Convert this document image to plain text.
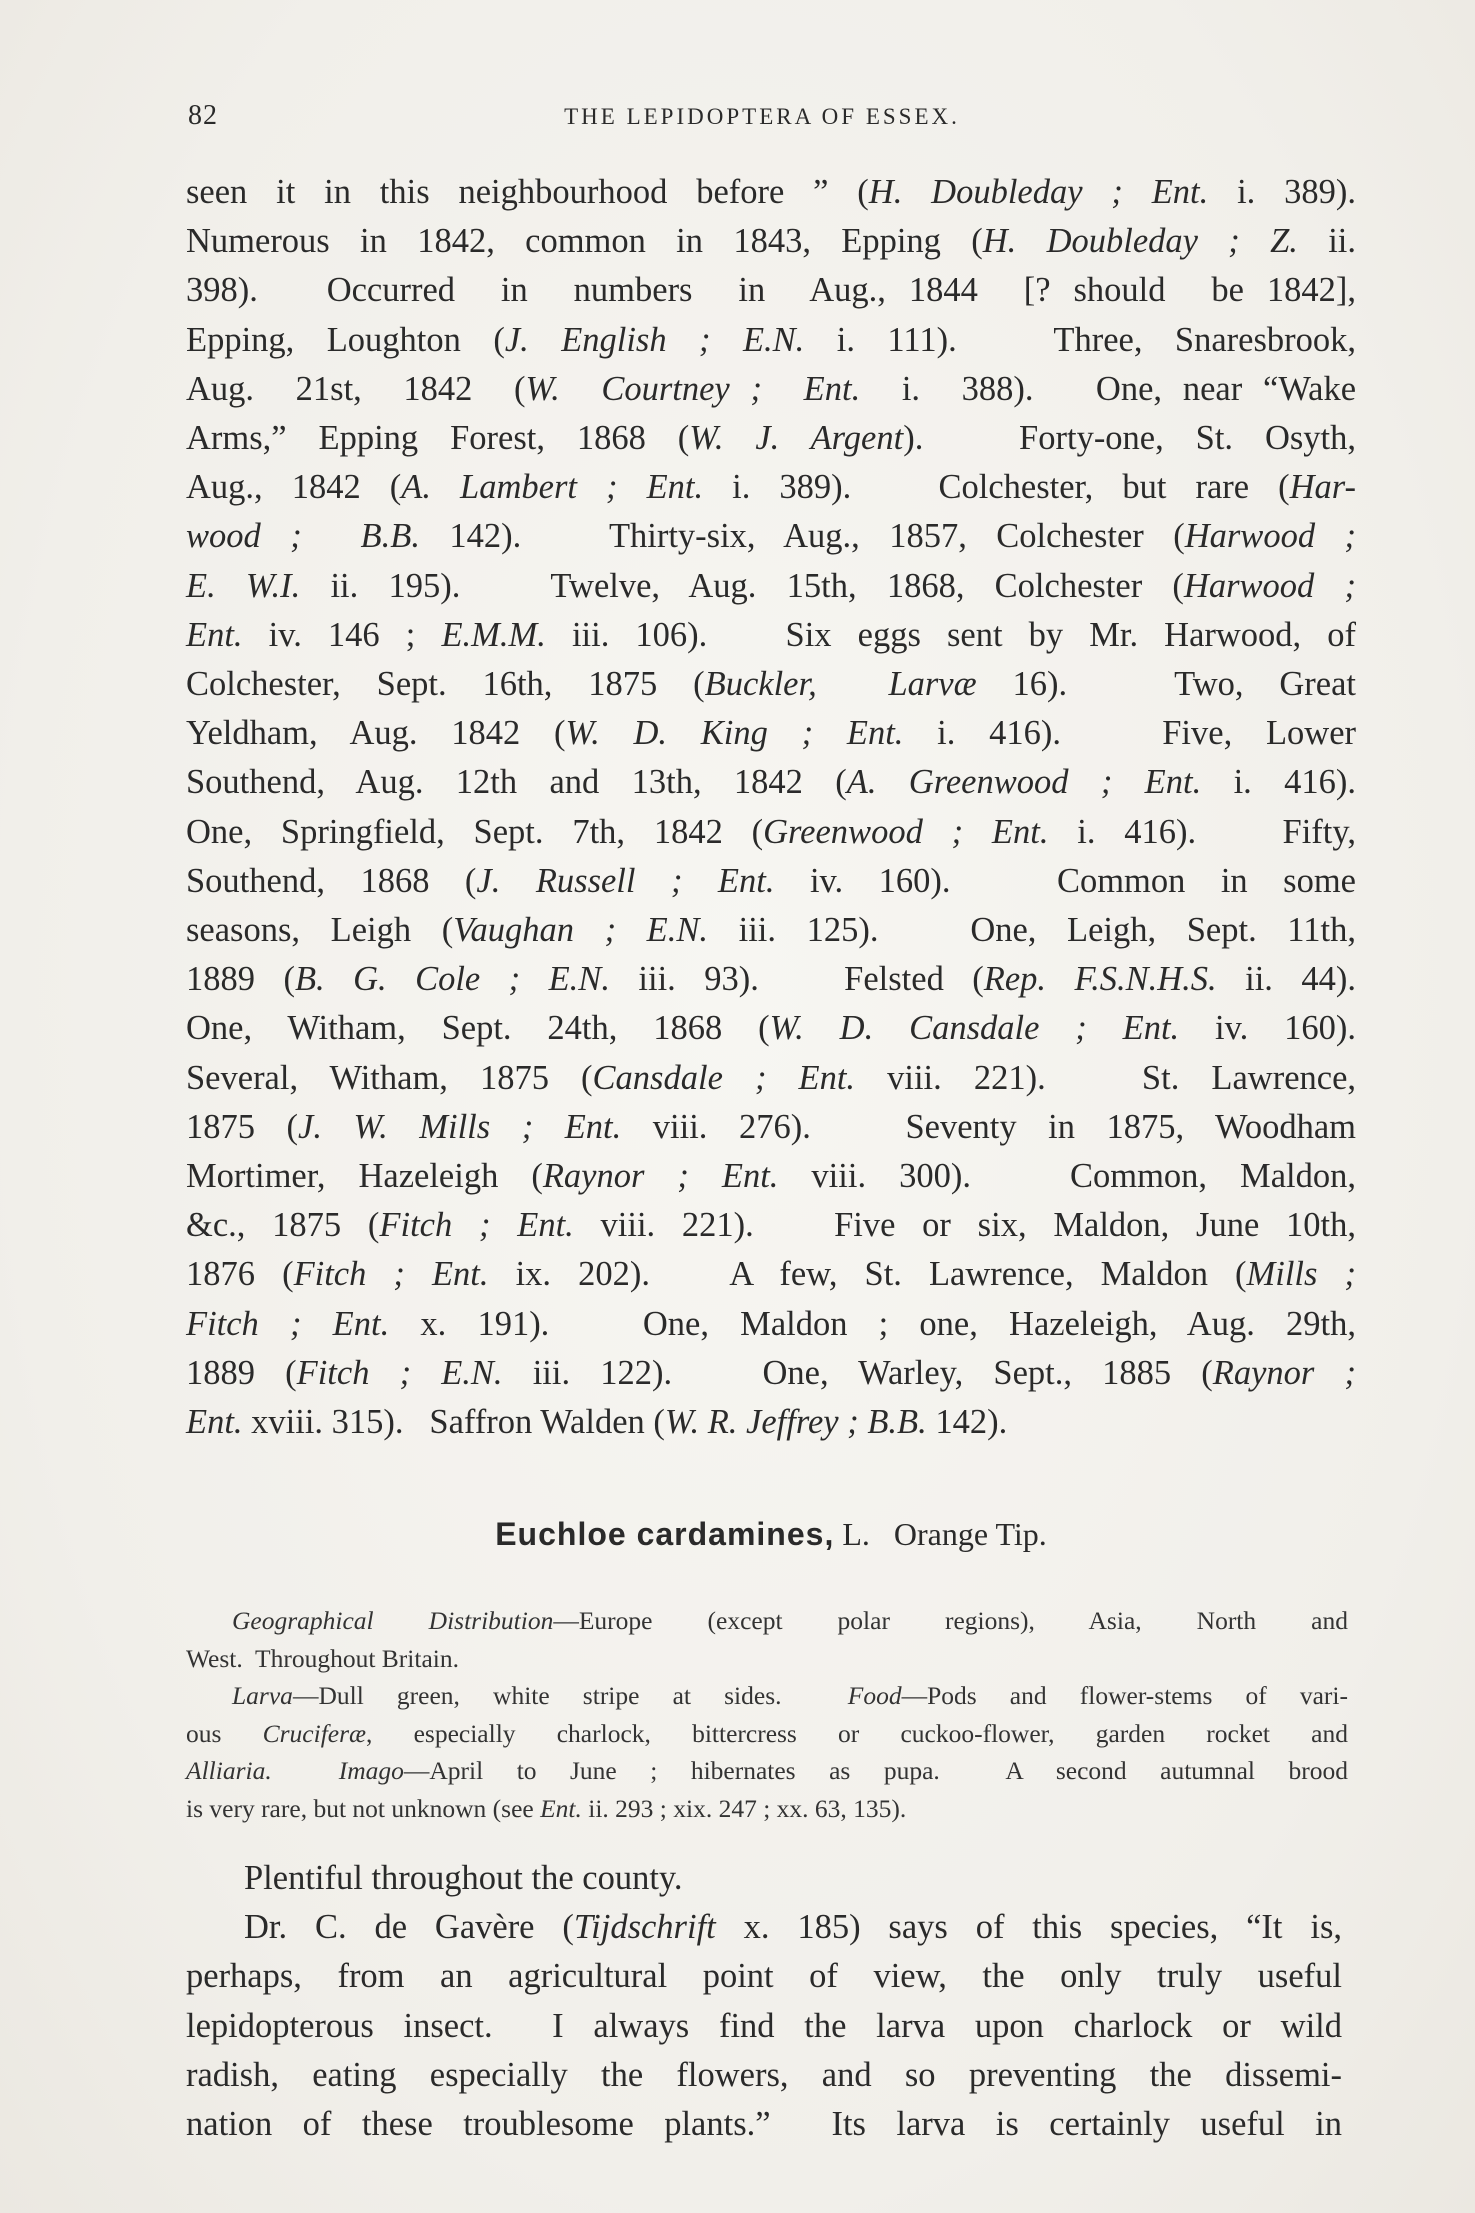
82	THE LEPIDOPTERA OF ESSEX.
seen it in this neighbourhood before ” (H. Doubleday ; Ent. i. 389).
Numerous in 1842, common in 1843, Epping (H. Doubleday ; Z. ii.
398).   Occurred  in  numbers  in  Aug., 1844  [? should  be 1842],
Epping, Loughton (J. English ; E.N. i. 111).   Three, Snaresbrook,
Aug.  21st,  1842  (W.  Courtney ;  Ent.  i.  388).   One, near “Wake
Arms,” Epping Forest, 1868 (W. J. Argent).   Forty-one, St. Osyth,
Aug., 1842 (A. Lambert ; Ent. i. 389).   Colchester, but rare (Har-
wood ;  B.B. 142).   Thirty-six, Aug., 1857, Colchester (Harwood ;
E. W.I. ii. 195).   Twelve, Aug. 15th, 1868, Colchester (Harwood ;
Ent. iv. 146 ; E.M.M. iii. 106).   Six eggs sent by Mr. Harwood, of
Colchester, Sept. 16th, 1875 (Buckler,  Larvæ 16).   Two, Great
Yeldham, Aug. 1842 (W. D. King ; Ent. i. 416).   Five, Lower
Southend, Aug. 12th and 13th, 1842 (A. Greenwood ; Ent. i. 416).
One, Springfield, Sept. 7th, 1842 (Greenwood ; Ent. i. 416).   Fifty,
Southend, 1868 (J. Russell ; Ent. iv. 160).   Common in some
seasons, Leigh (Vaughan ; E.N. iii. 125).   One, Leigh, Sept. 11th,
1889 (B. G. Cole ; E.N. iii. 93).   Felsted (Rep. F.S.N.H.S. ii. 44).
One, Witham, Sept. 24th, 1868 (W. D. Cansdale ; Ent. iv. 160).
Several, Witham, 1875 (Cansdale ; Ent. viii. 221).   St. Lawrence,
1875 (J. W. Mills ; Ent. viii. 276).   Seventy in 1875, Woodham
Mortimer, Hazeleigh (Raynor ; Ent. viii. 300).   Common, Maldon,
&c., 1875 (Fitch ; Ent. viii. 221).   Five or six, Maldon, June 10th,
1876 (Fitch ; Ent. ix. 202).   A few, St. Lawrence, Maldon (Mills ;
Fitch ; Ent. x. 191).   One, Maldon ; one, Hazeleigh, Aug. 29th,
1889 (Fitch ; E.N. iii. 122).   One, Warley, Sept., 1885 (Raynor ;
Ent. xviii. 315).   Saffron Walden (W. R. Jeffrey ; B.B. 142).
Euchloe cardamines, L.   Orange Tip.
Geographical Distribution—Europe (except polar regions), Asia, North and
West.  Throughout Britain.
Larva—Dull green, white stripe at sides.  Food—Pods and flower-stems of vari-
ous Cruciferæ, especially charlock, bittercress or cuckoo-flower, garden rocket and
Alliaria.	Imago—April to June ; hibernates as pupa.  A second autumnal brood
is very rare, but not unknown (see Ent. ii. 293 ; xix. 247 ; xx. 63, 135).
Plentiful throughout the county.
Dr. C. de Gavère (Tijdschrift x. 185) says of this species, “It is,
perhaps, from an agricultural point of view, the only truly useful
lepidopterous insect.  I always find the larva upon charlock or wild
radish, eating especially the flowers, and so preventing the dissemi-
nation of these troublesome plants.”  Its larva is certainly useful in
